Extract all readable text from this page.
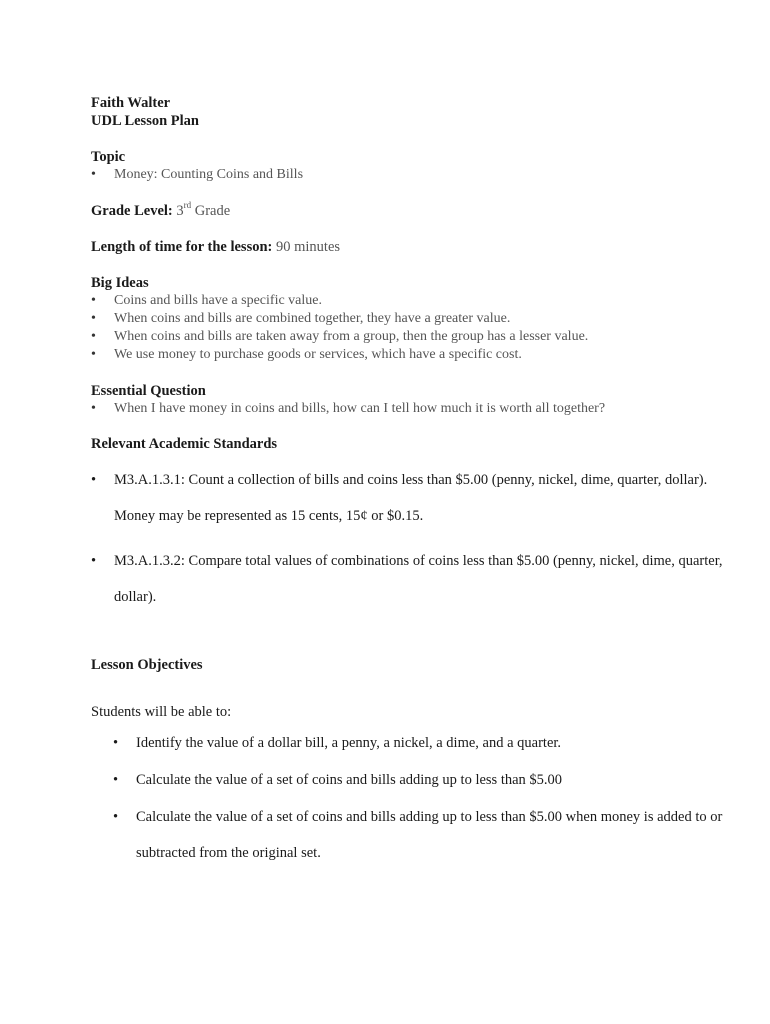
Faith Walter

UDL Lesson Plan

Topic

• Money: Counting Coins and Bills

Grade Level: 3rd Grade

Length of time for the lesson: 90 minutes

Big Ideas

• Coins and bills have a specific value.
• When coins and bills are combined together, they have a greater value.
• When coins and bills are taken away from a group, then the group has a lesser value.
• We use money to purchase goods or services, which have a specific cost.

Essential Question

• When I have money in coins and bills, how can I tell how much it is worth all together?

Relevant Academic Standards

• M3.A.1.3.1: Count a collection of bills and coins less than $5.00 (penny, nickel, dime, quarter, dollar). Money may be represented as 15 cents, 15¢ or $0.15.
• M3.A.1.3.2: Compare total values of combinations of coins less than $5.00 (penny, nickel, dime, quarter, dollar).

Lesson Objectives

Students will be able to:

• Identify the value of a dollar bill, a penny, a nickel, a dime, and a quarter.
• Calculate the value of a set of coins and bills adding up to less than $5.00
• Calculate the value of a set of coins and bills adding up to less than $5.00 when money is added to or subtracted from the original set.
